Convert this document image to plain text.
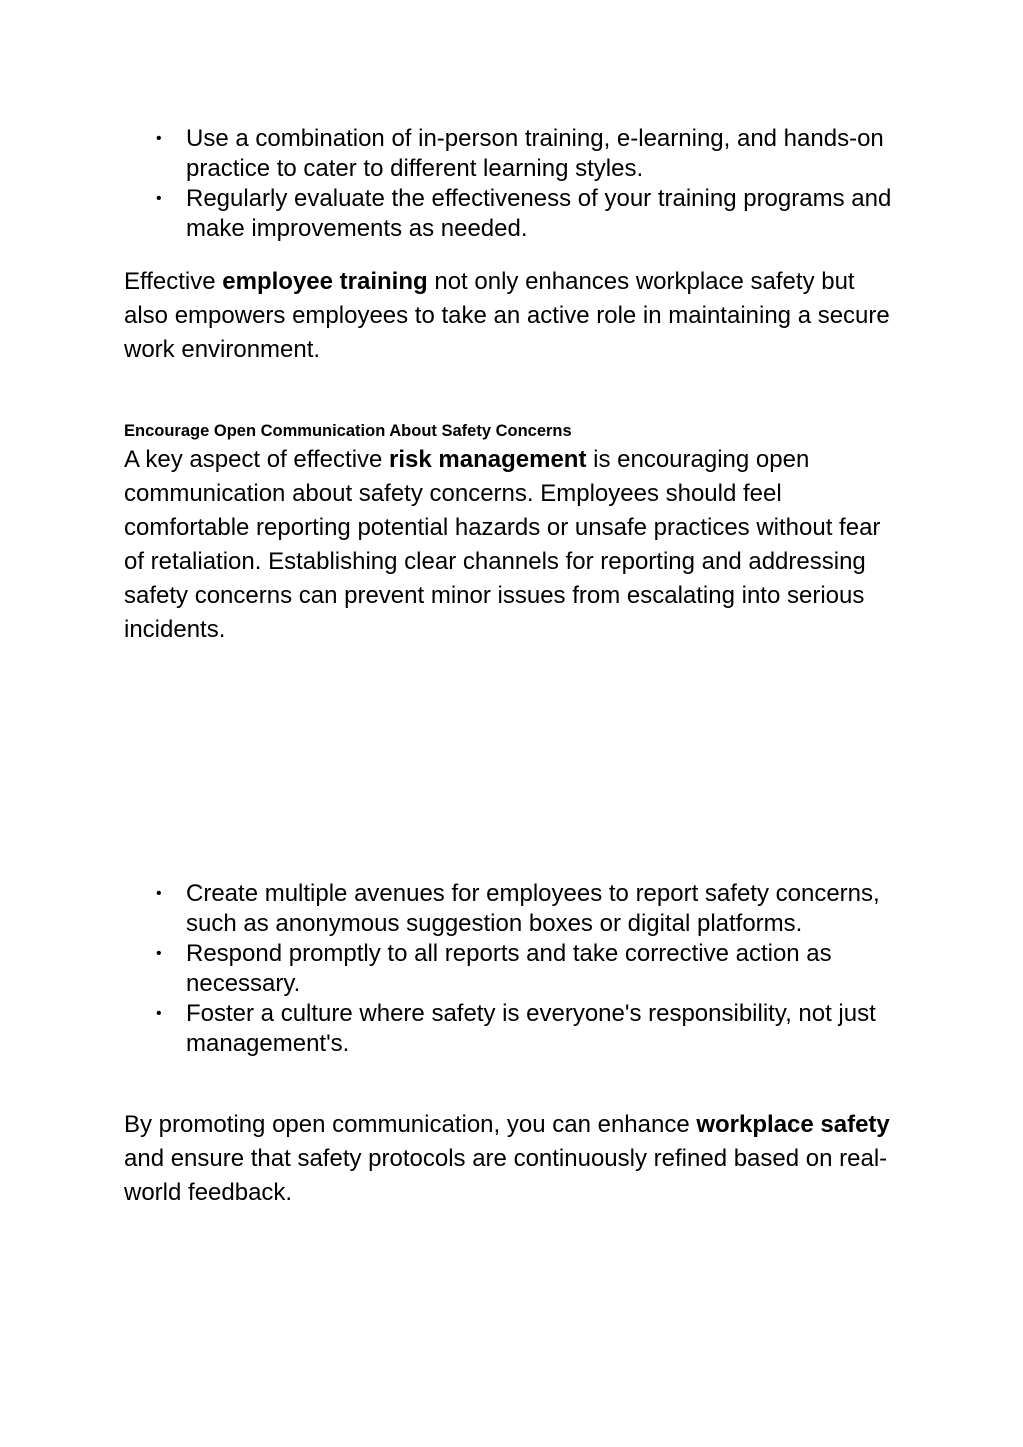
• Use a combination of in-person training, e-learning, and hands-on practice to cater to different learning styles.
• Regularly evaluate the effectiveness of your training programs and make improvements as needed.

Effective employee training not only enhances workplace safety but also empowers employees to take an active role in maintaining a secure work environment.

Encourage Open Communication About Safety Concerns

A key aspect of effective risk management is encouraging open communication about safety concerns. Employees should feel comfortable reporting potential hazards or unsafe practices without fear of retaliation. Establishing clear channels for reporting and addressing safety concerns can prevent minor issues from escalating into serious incidents.

• Create multiple avenues for employees to report safety concerns, such as anonymous suggestion boxes or digital platforms.
• Respond promptly to all reports and take corrective action as necessary.
• Foster a culture where safety is everyone's responsibility, not just management's.

By promoting open communication, you can enhance workplace safety and ensure that safety protocols are continuously refined based on real-world feedback.
